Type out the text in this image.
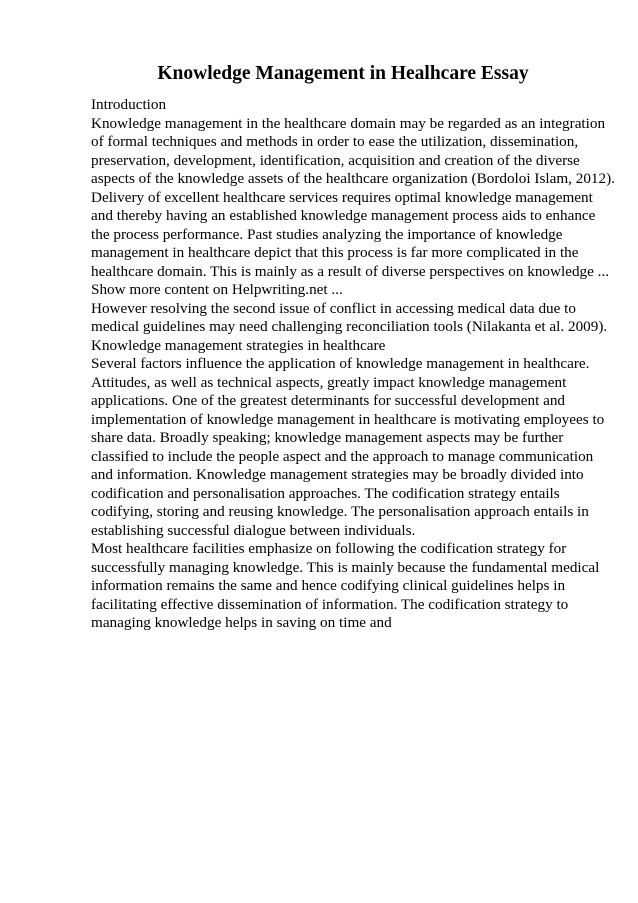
Knowledge Management in Healhcare Essay
Introduction
Knowledge management in the healthcare domain may be regarded as an integration
of formal techniques and methods in order to ease the utilization, dissemination,
preservation, development, identification, acquisition and creation of the diverse
aspects of the knowledge assets of the healthcare organization (Bordoloi Islam, 2012).
Delivery of excellent healthcare services requires optimal knowledge management
and thereby having an established knowledge management process aids to enhance
the process performance. Past studies analyzing the importance of knowledge
management in healthcare depict that this process is far more complicated in the
healthcare domain. This is mainly as a result of diverse perspectives on knowledge ...
Show more content on Helpwriting.net ...
However resolving the second issue of conflict in accessing medical data due to
medical guidelines may need challenging reconciliation tools (Nilakanta et al. 2009).
Knowledge management strategies in healthcare
Several factors influence the application of knowledge management in healthcare.
Attitudes, as well as technical aspects, greatly impact knowledge management
applications. One of the greatest determinants for successful development and
implementation of knowledge management in healthcare is motivating employees to
share data. Broadly speaking; knowledge management aspects may be further
classified to include the people aspect and the approach to manage communication
and information. Knowledge management strategies may be broadly divided into
codification and personalisation approaches. The codification strategy entails
codifying, storing and reusing knowledge. The personalisation approach entails in
establishing successful dialogue between individuals.
Most healthcare facilities emphasize on following the codification strategy for
successfully managing knowledge. This is mainly because the fundamental medical
information remains the same and hence codifying clinical guidelines helps in
facilitating effective dissemination of information. The codification strategy to
managing knowledge helps in saving on time and
